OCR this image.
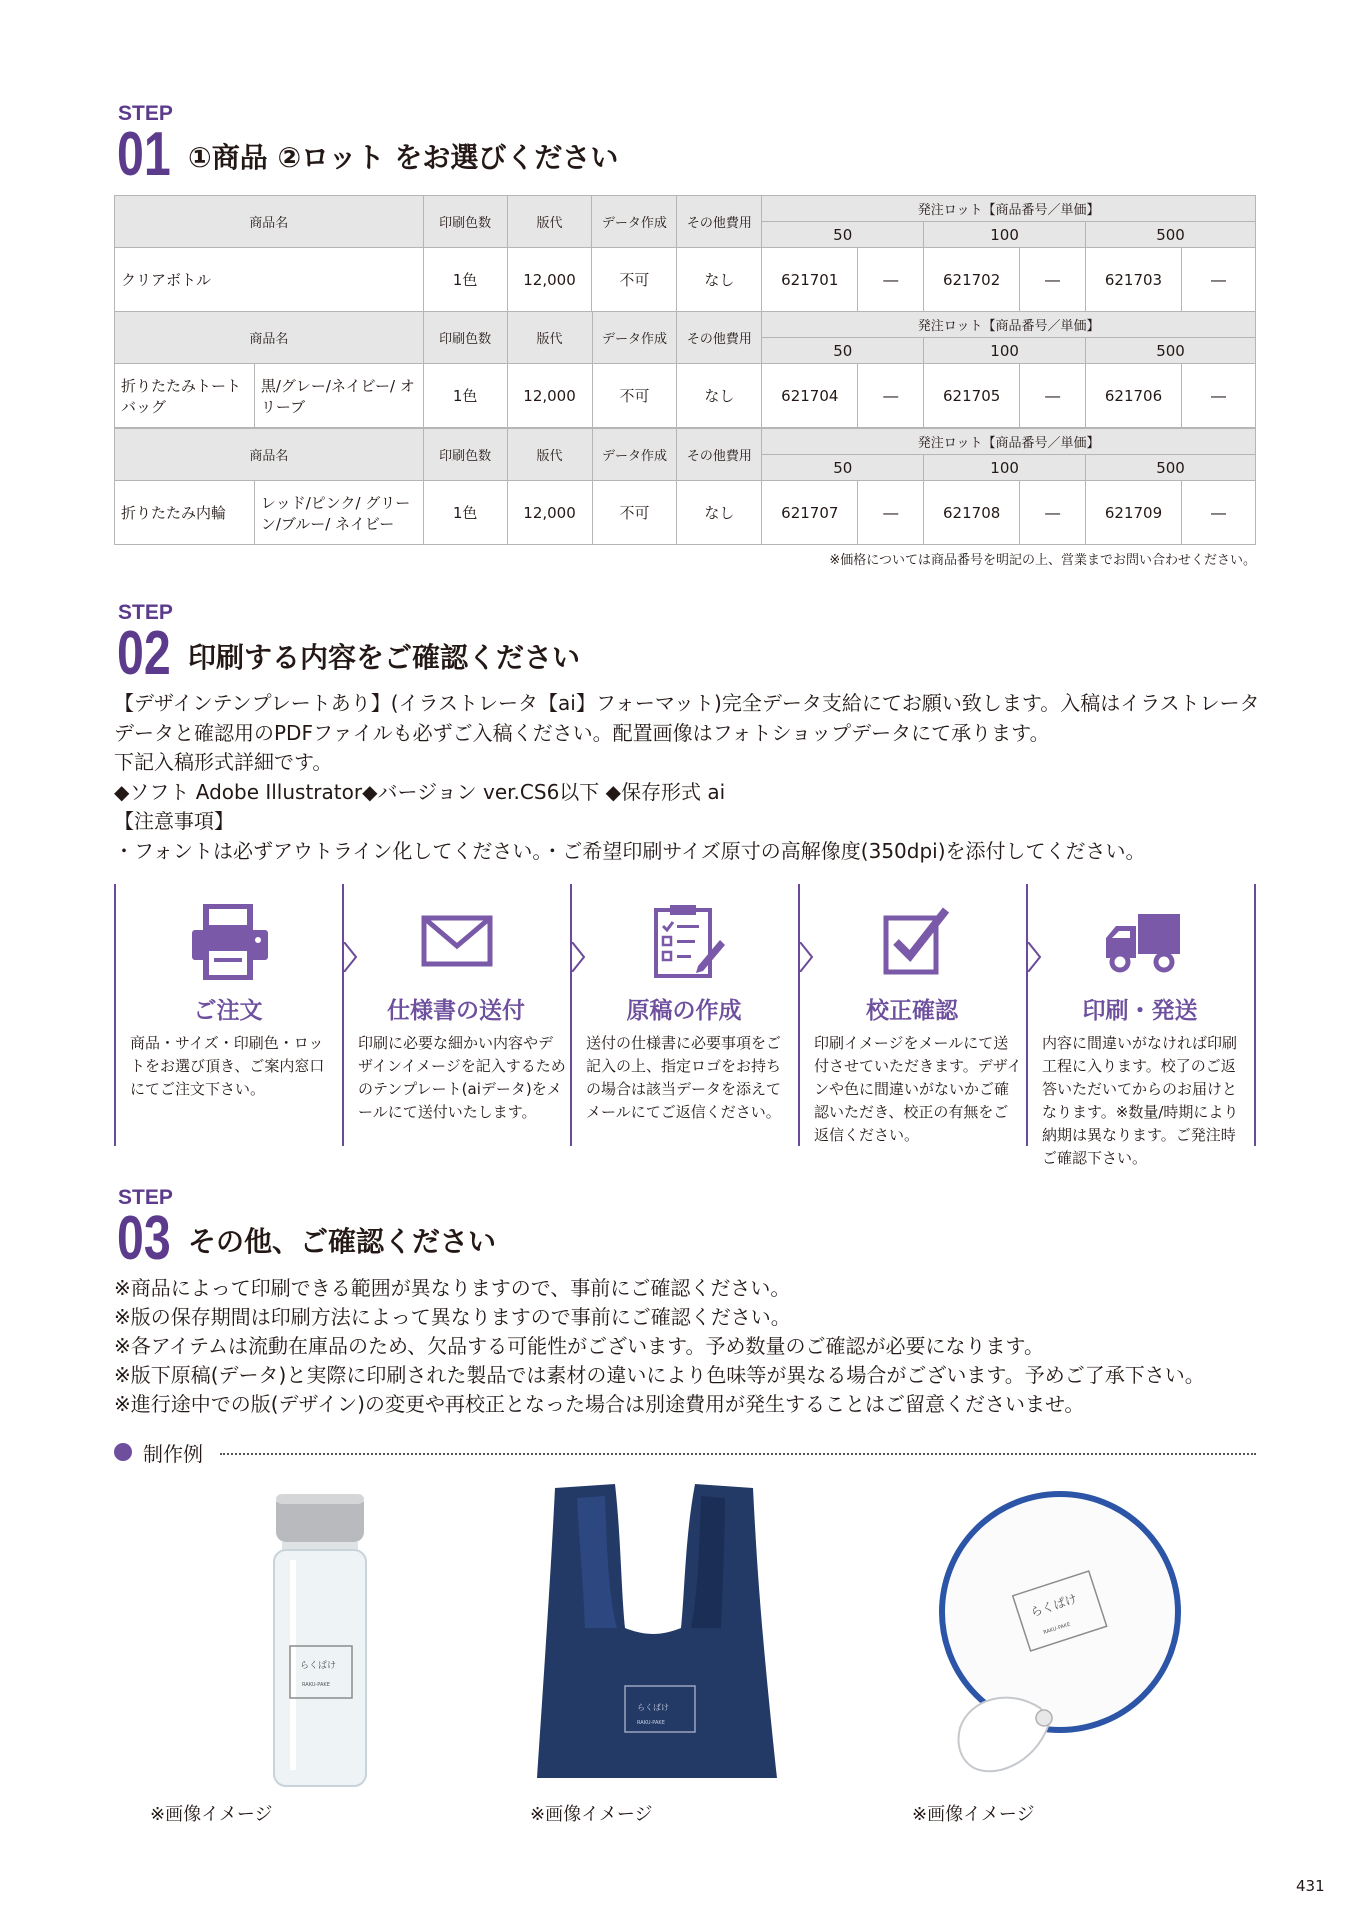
STEP
01 ①商品 ②ロット をお選びください
商品名	印刷色数	版代	データ作成	その他費用	発注ロット【商品番号／単価】					
					50		100		500	
クリアボトル	1色	12,000	不可	なし	621701	―	621702	―	621703	―
商品名		印刷色数	版代	データ作成	その他費用	発注ロット【商品番号／単価】					
						50		100		500	
折りたたみトート バッグ	黒/グレー/ネイビー/ オリーブ	1色	12,000	不可	なし	621704	―	621705	―	621706	―
商品名		印刷色数	版代	データ作成	その他費用	発注ロット【商品番号／単価】					
						50		100		500	
折りたたみ内輪	レッド/ピンク/ グリーン/ブルー/ ネイビー	1色	12,000	不可	なし	621707	―	621708	―	621709	―
※価格については商品番号を明記の上、営業までお問い合わせください。
STEP
02 印刷する内容をご確認ください
【デザインテンプレートあり】(イラストレータ【ai】フォーマット)完全データ支給にてお願い致します。入稿はイラストレータ
データと確認用のPDFファイルも必ずご入稿ください。配置画像はフォトショップデータにて承ります。
下記入稿形式詳細です。
◆ソフト Adobe Illustrator◆バージョン ver.CS6以下 ◆保存形式 ai
【注意事項】
・フォントは必ずアウトライン化してください。・ご希望印刷サイズ原寸の高解像度(350dpi)を添付してください。
ご注文
商品・サイズ・印刷色・ロットをお選び頂き、ご案内窓口にてご注文下さい。
仕様書の送付
印刷に必要な細かい内容やデザインイメージを記入するためのテンプレート(aiデータ)をメールにて送付いたします。
原稿の作成
送付の仕様書に必要事項をご記入の上、指定ロゴをお持ちの場合は該当データを添えてメールにてご返信ください。
校正確認
印刷イメージをメールにて送付させていただきます。デザインや色に間違いがないかご確認いただき、校正の有無をご返信ください。
印刷・発送
内容に間違いがなければ印刷工程に入ります。校了のご返答いただいてからのお届けとなります。※数量/時期により納期は異なります。ご発注時ご確認下さい。
STEP
03 その他、ご確認ください
※商品によって印刷できる範囲が異なりますので、事前にご確認ください。
※版の保存期間は印刷方法によって異なりますので事前にご確認ください。
※各アイテムは流動在庫品のため、欠品する可能性がございます。予め数量のご確認が必要になります。
※版下原稿(データ)と実際に印刷された製品では素材の違いにより色味等が異なる場合がございます。予めご了承下さい。
※進行途中での版(デザイン)の変更や再校正となった場合は別途費用が発生することはご留意くださいませ。
制作例
らくぱけ
RAKU-PAKE
※画像イメージ
らくぱけ
RAKU-PAKE
※画像イメージ
らくぱけ
RAKU-PAKE
※画像イメージ
431
